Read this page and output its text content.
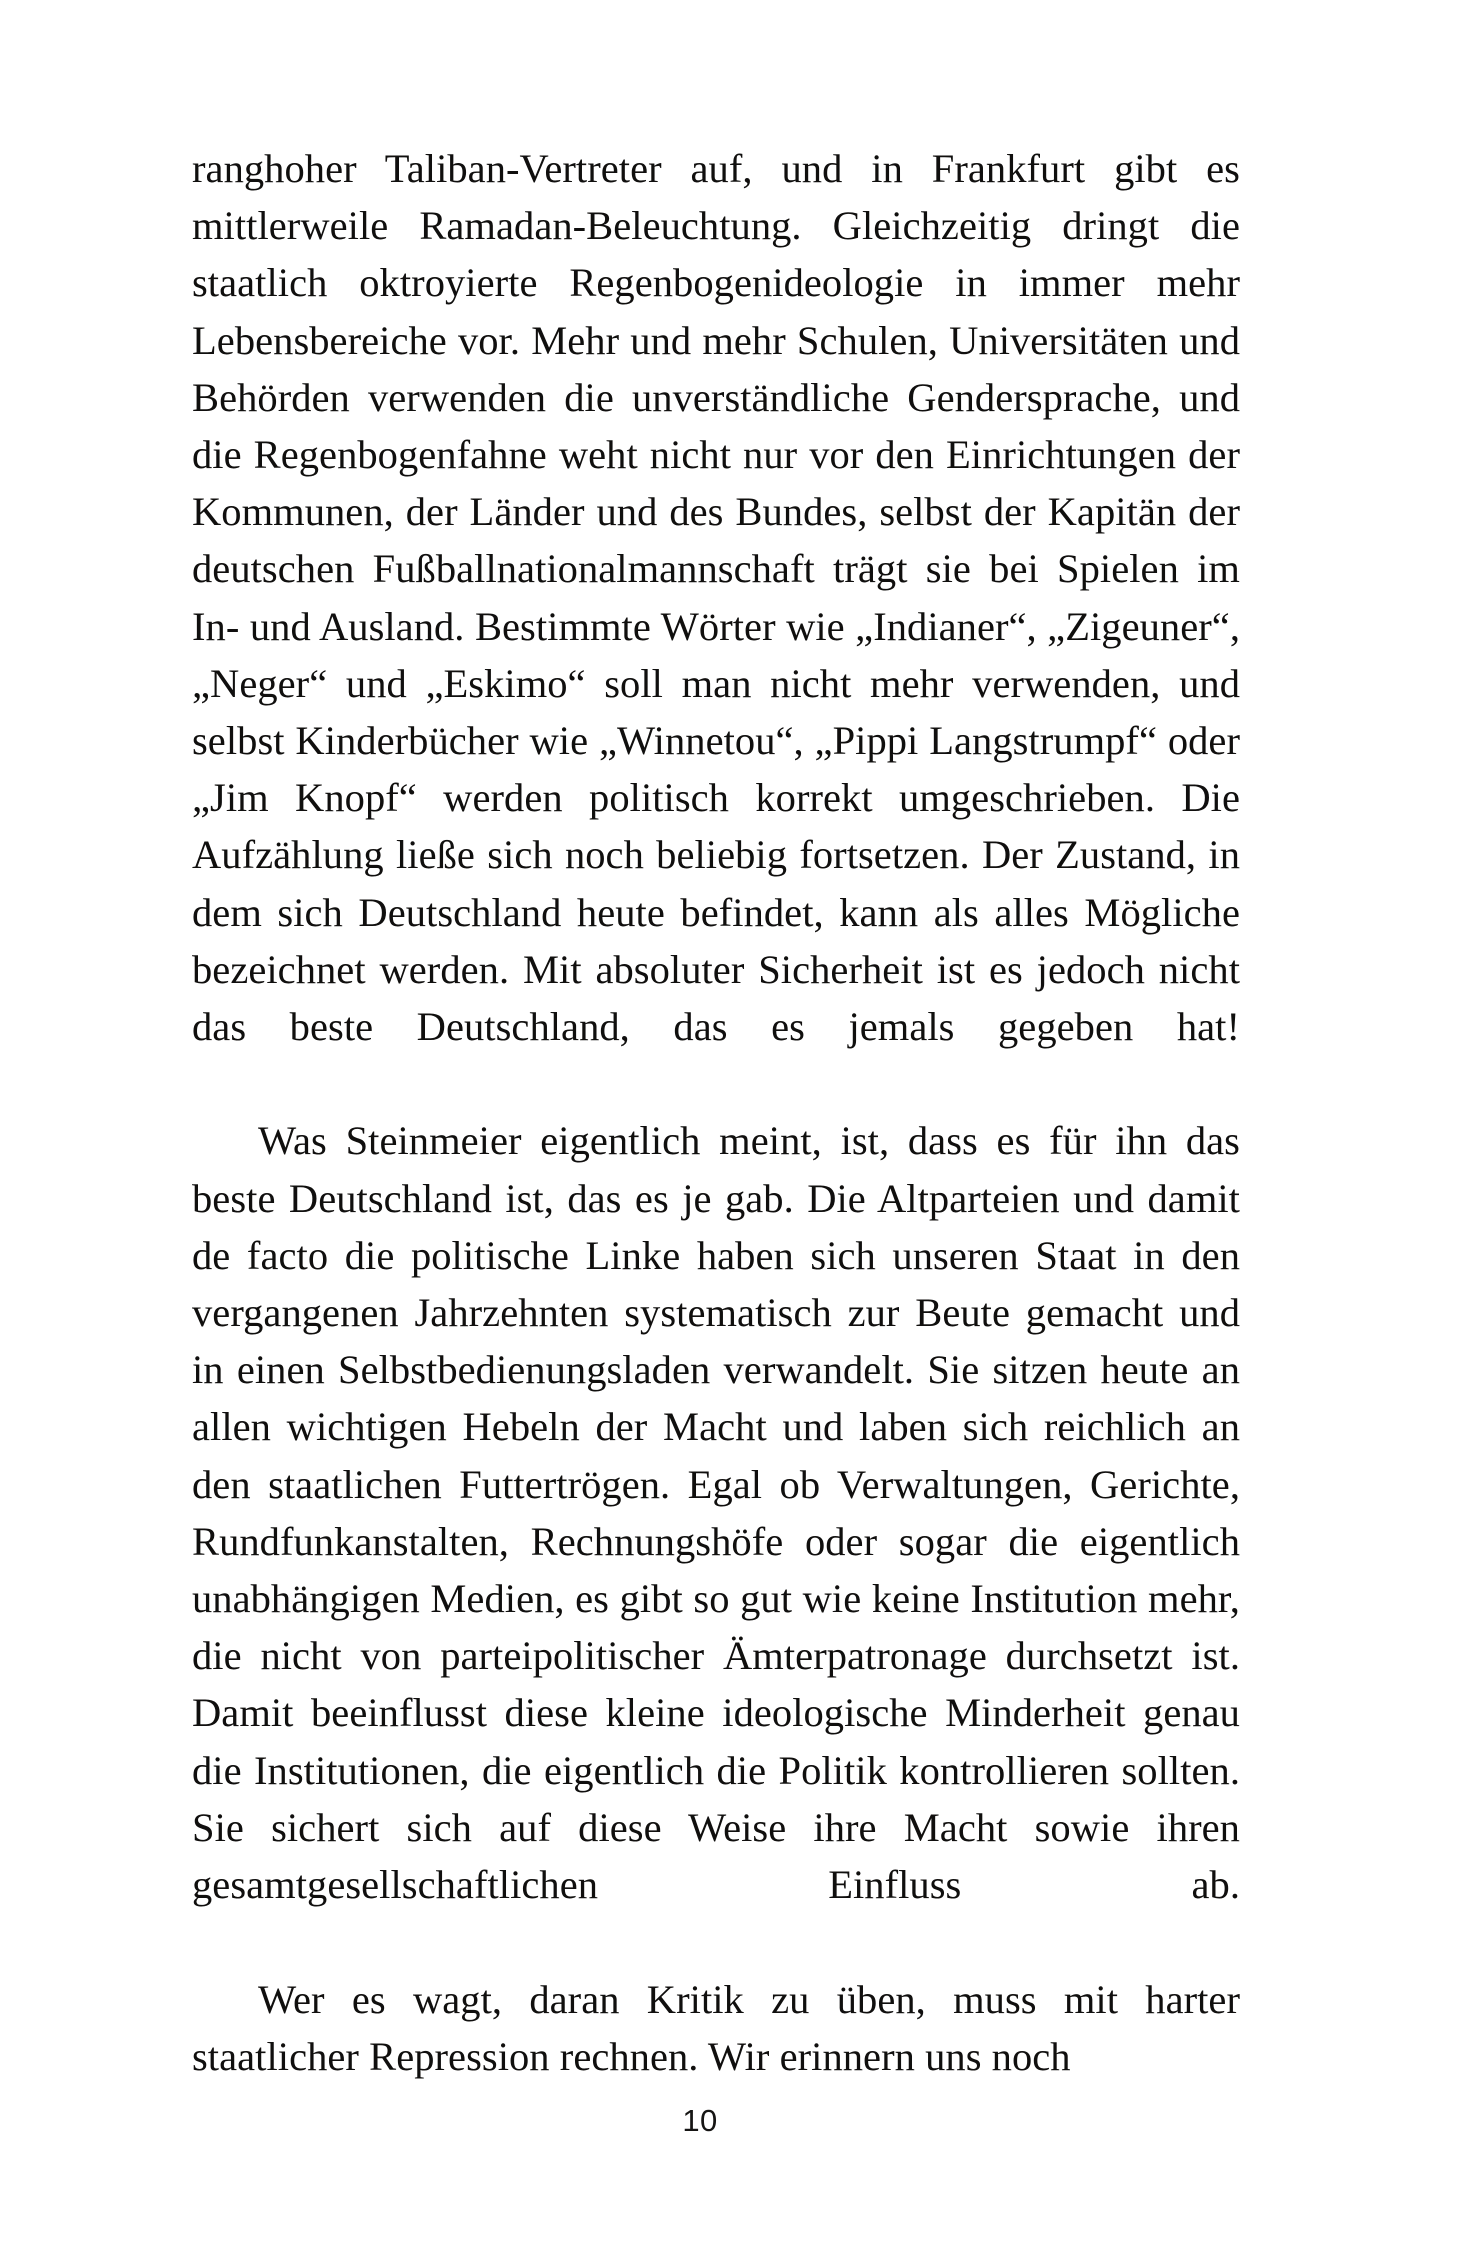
ranghoher Taliban-Vertreter auf, und in Frankfurt gibt es mittlerweile Ramadan-Beleuchtung. Gleichzeitig dringt die staatlich oktroyierte Regenbogenideologie in immer mehr Lebensbereiche vor. Mehr und mehr Schulen, Universitäten und Behörden verwenden die unverständliche Gendersprache, und die Regenbogenfahne weht nicht nur vor den Einrichtungen der Kommunen, der Länder und des Bundes, selbst der Kapitän der deutschen Fußballnationalmannschaft trägt sie bei Spielen im In- und Ausland. Bestimmte Wörter wie „Indianer“, „Zigeuner“, „Neger“ und „Eskimo“ soll man nicht mehr verwenden, und selbst Kinderbücher wie „Winnetou“, „Pippi Langstrumpf“ oder „Jim Knopf“ werden politisch korrekt umgeschrieben. Die Aufzählung ließe sich noch beliebig fortsetzen. Der Zustand, in dem sich Deutschland heute befindet, kann als alles Mögliche bezeichnet werden. Mit absoluter Sicherheit ist es jedoch nicht das beste Deutschland, das es jemals gegeben hat!

Was Steinmeier eigentlich meint, ist, dass es für ihn das beste Deutschland ist, das es je gab. Die Altparteien und damit de facto die politische Linke haben sich unseren Staat in den vergangenen Jahrzehnten systematisch zur Beute gemacht und in einen Selbstbedienungsladen verwandelt. Sie sitzen heute an allen wichtigen Hebeln der Macht und laben sich reichlich an den staatlichen Futtertrögen. Egal ob Verwaltungen, Gerichte, Rundfunkanstalten, Rechnungshöfe oder sogar die eigentlich unabhängigen Medien, es gibt so gut wie keine Institution mehr, die nicht von parteipolitischer Ämterpatronage durchsetzt ist. Damit beeinflusst diese kleine ideologische Minderheit genau die Institutionen, die eigentlich die Politik kontrollieren sollten. Sie sichert sich auf diese Weise ihre Macht sowie ihren gesamtgesellschaftlichen Einfluss ab.

Wer es wagt, daran Kritik zu üben, muss mit harter staatlicher Repression rechnen. Wir erinnern uns noch

10
